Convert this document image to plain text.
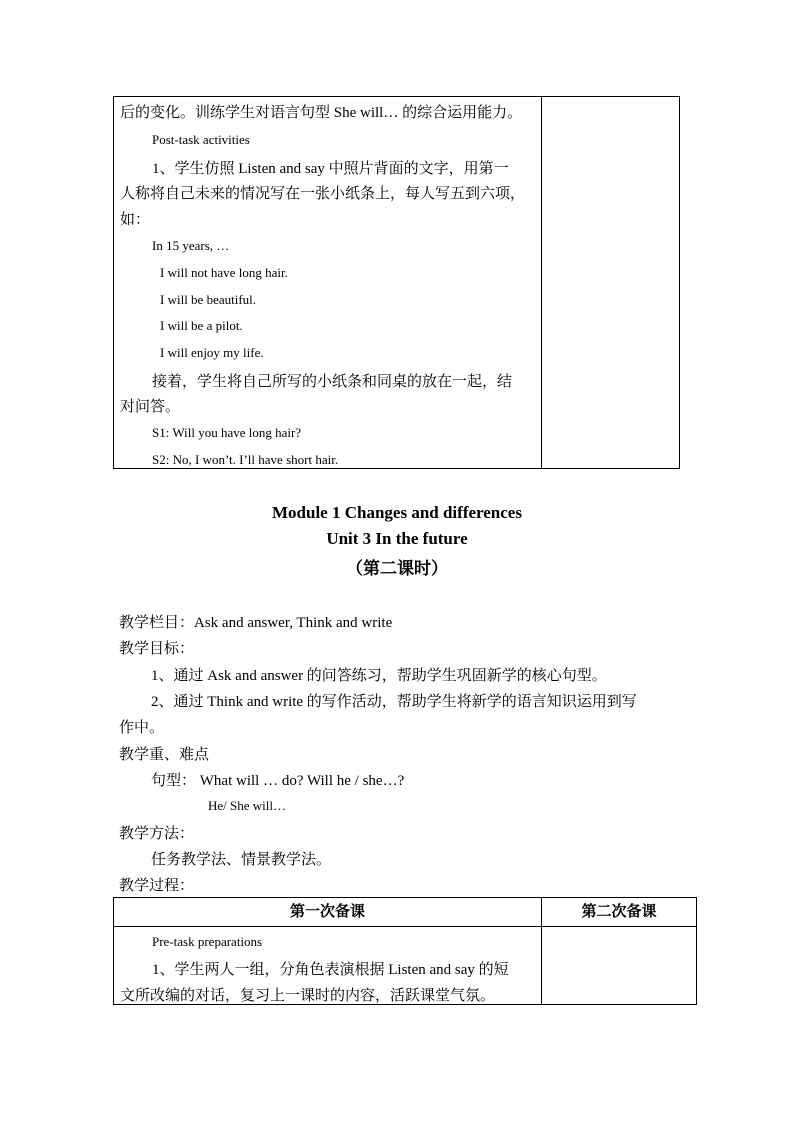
后的变化。训练学生对语言句型 She will… 的综合运用能力。
Post-task activities
1、学生仿照 Listen and say 中照片背面的文字，用第一
人称将自己未来的情况写在一张小纸条上，每人写五到六项，
如：
In 15 years, …
I will not have long hair.
I will be beautiful.
I will be a pilot.
I will enjoy my life.
接着，学生将自己所写的小纸条和同桌的放在一起，结
对问答。
S1: Will you have long hair?
S2: No, I won’t. I’ll have short hair.
Module 1 Changes and differences
Unit 3 In the future
（第二课时）
教学栏目：Ask and answer, Think and write
教学目标：
1、通过 Ask and answer 的问答练习，帮助学生巩固新学的核心句型。
2、通过 Think and write 的写作活动，帮助学生将新学的语言知识运用到写
作中。
教学重、难点
句型： What will … do? Will he / she…?
He/ She will…
教学方法：
任务教学法、情景教学法。
教学过程：
第一次备课	第二次备课
Pre-task preparations
1、学生两人一组，分角色表演根据 Listen and say 的短
文所改编的对话，复习上一课时的内容，活跃课堂气氛。
